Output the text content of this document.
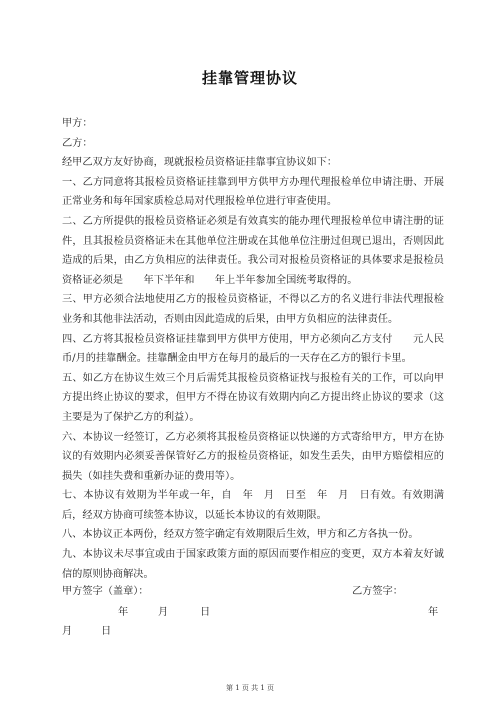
挂靠管理协议

甲方：

乙方：

经甲乙双方友好协商，现就报检员资格证挂靠事宜协议如下：

一、乙方同意将其报检员资格证挂靠到甲方供甲方办理代理报检单位申请注册、开展正常业务和每年国家质检总局对代理报检单位进行审查使用。

二、乙方所提供的报检员资格证必须是有效真实的能办理代理报检单位申请注册的证件，且其报检员资格证未在其他单位注册或在其他单位注册过但现已退出，否则因此造成的后果，由乙方负相应的法律责任。我公司对报检员资格证的具体要求是报检员资格证必须是　　年下半年和　　年上半年参加全国统考取得的。

三、甲方必须合法地使用乙方的报检员资格证，不得以乙方的名义进行非法代理报检业务和其他非法活动，否则由因此造成的后果，由甲方负相应的法律责任。

四、乙方将其报检员资格证挂靠到甲方供甲方使用，甲方必须向乙方支付　　元人民币/月的挂靠酬金。挂靠酬金由甲方在每月的最后的一天存在乙方的银行卡里。

五、如乙方在协议生效三个月后需凭其报检员资格证找与报检有关的工作，可以向甲方提出终止协议的要求，但甲方不得在协议有效期内向乙方提出终止协议的要求（这主要是为了保护乙方的利益）。

六、本协议一经签订，乙方必须将其报检员资格证以快递的方式寄给甲方，甲方在协议的有效期内必须妥善保管好乙方的报检员资格证，如发生丢失，由甲方赔偿相应的损失（如挂失费和重新办证的费用等）。

七、本协议有效期为半年或一年，自　年　月　日至　年　月　日有效。有效期满后，经双方协商可续签本协议，以延长本协议的有效期限。

八、本协议正本两份，经双方签字确定有效期限后生效，甲方和乙方各执一份。

九、本协议未尽事宜或由于国家政策方面的原因而要作相应的变更，双方本着友好诚信的原则协商解决。

甲方签字（盖章）：	乙方签字：
年	月	日	年
月	日
第 1 页 共 1 页
